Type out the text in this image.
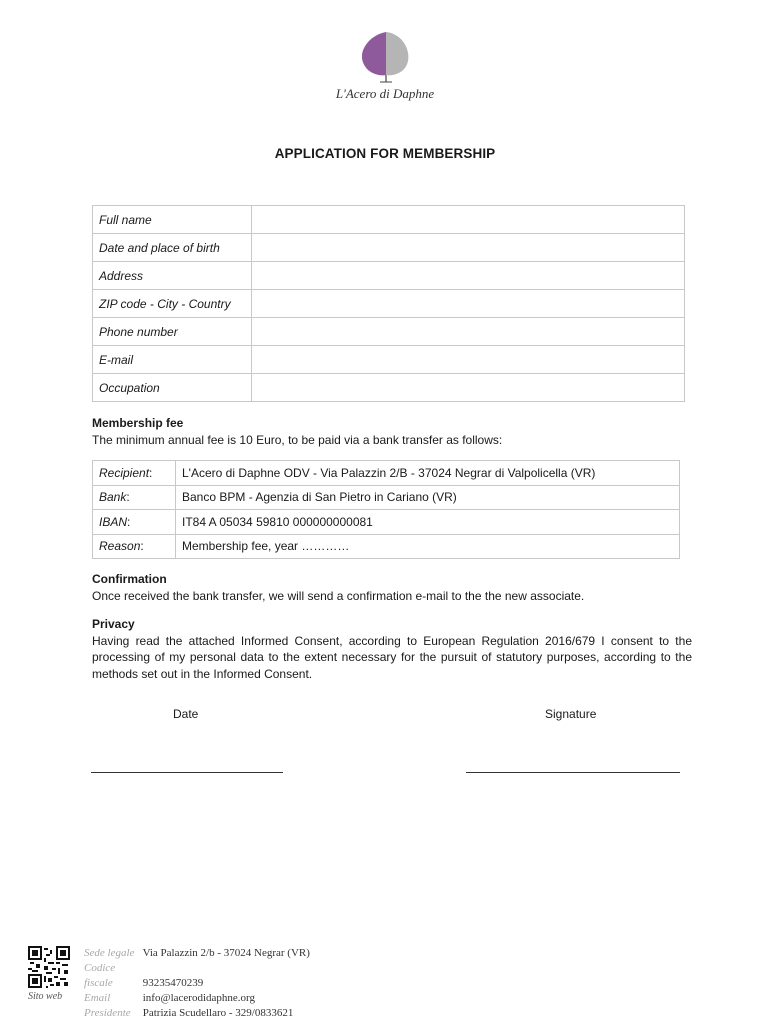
L'Acero di Daphne
APPLICATION FOR MEMBERSHIP
Full name	
Date and place of birth	
Address	
ZIP code - City - Country	
Phone number	
E-mail	
Occupation	
Membership fee

The minimum annual fee is 10 Euro, to be paid via a bank transfer as follows:

Recipient:	L'Acero di Daphne ODV - Via Palazzin 2/B - 37024 Negrar di Valpolicella (VR)
Bank:	Banco BPM - Agenzia di San Pietro in Cariano (VR)
IBAN:	IT84 A 05034 59810 000000000081
Reason:	Membership fee, year …………
Confirmation

Once received the bank transfer, we will send a confirmation e-mail to the the new associate.

Privacy

Having read the attached Informed Consent, according to European Regulation 2016/679 I consent to the processing of my personal data to the extent necessary for the pursuit of statutory purposes, according to the methods set out in the Informed Consent.

Date	Signature
Sito web
Sede legale Via Palazzin 2/b - 37024 Negrar (VR)
Codice fiscale	93235470239
Email	info@lacerodidaphne.org
Presidente Patrizia Scudellaro - 329/0833621
